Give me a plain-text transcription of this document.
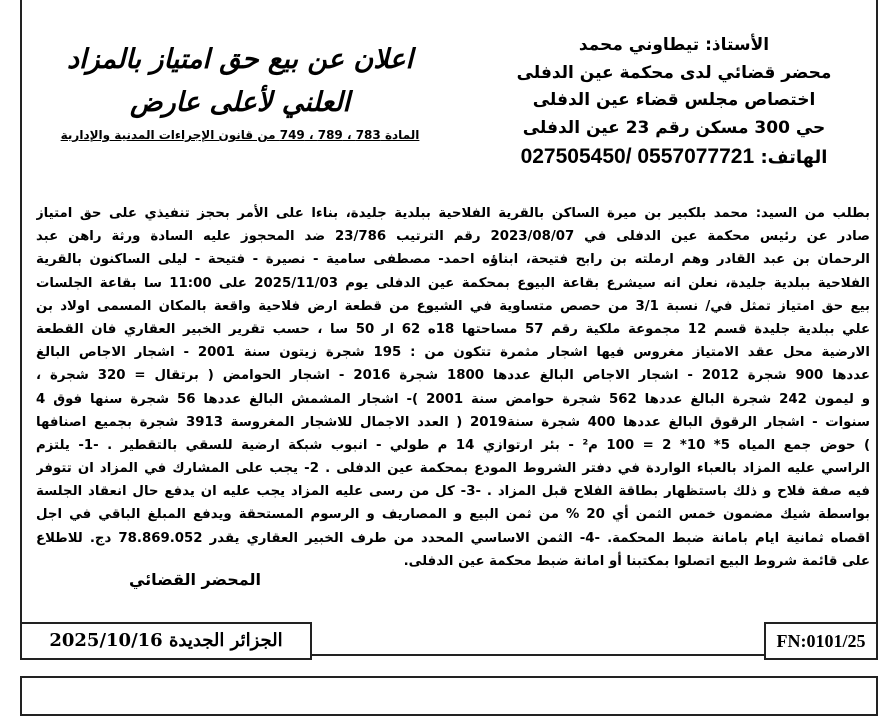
الأستاذ: تيطاوني محمد
محضر قضائي لدى محكمة عين الدفلى
اختصاص مجلس قضاء عين الدفلى
حي 300 مسكن رقم 23 عين الدفلى
الهاتف: 027505450/ 0557077721
اعلان عن بيع حق امتياز بالمزاد
العلني لأعلى عارض
المادة 783 ، 789 ، 749 من قانون الإجراءات المدنية والإدارية
بطلب من السيد: محمد بلكبير بن ميرة الساكن بالقرية الفلاحية ببلدية جليدة، بناءا على الأمر بحجز تنفيذي على حق امتياز
صادر عن رئيس محكمة عين الدفلى في 2023/08/07 رقم الترتيب 23/786 ضد المحجوز عليه السادة ورثة راهن عبد
الرحمان بن عبد القادر وهم ارملته بن رابح فتيحة، ابناؤه احمد- مصطفى سامية - نصيرة - فتيحة - ليلى الساكنون بالقرية
الفلاحية ببلدية جليدة، نعلن انه سيشرع بقاعة البيوع بمحكمة عين الدفلى يوم 2025/11/03 على 11:00 سا بقاعة الجلسات
بيع حق امتياز تمثل في/ نسبة 3/1 من حصص متساوية في الشيوع من قطعة ارض فلاحية واقعة بالمكان المسمى اولاد بن
علي ببلدية جليدة قسم 12 مجموعة ملكية رقم 57 مساحتها 18ه 62 ار 50 سا ، حسب تقرير الخبير العقاري فان القطعة
الارضية محل عقد الامتياز مغروس فيها اشجار مثمرة تتكون من : 195 شجرة زيتون سنة 2001 - اشجار الاجاص البالغ
عددها 900 شجرة 2012 - اشجار الاجاص البالغ عددها 1800 شجرة 2016 - اشجار الحوامض ( برتقال = 320 شجرة ،
و ليمون 242 شجرة البالغ عددها 562 شجرة حوامض سنة 2001 )- اشجار المشمش البالغ عددها 56 شجرة سنها فوق 4
سنوات - اشجار الرقوق البالغ عددها 400 شجرة سنة2019 ( العدد الاجمال للاشجار المغروسة 3913 شجرة بجميع اصنافها
) حوض جمع المياه 5* 10* 2 = 100 م² - بئر ارتوازي 14 م طولي - انبوب شبكة ارضية للسقي بالتقطير . -1- يلتزم
الراسي عليه المزاد بالعباء الواردة في دفتر الشروط المودع بمحكمة عين الدفلى . 2- يجب على المشارك في المزاد ان تتوفر
فيه صفة فلاح و ذلك باستظهار بطاقة الفلاح قبل المزاد . -3- كل من رسى عليه المزاد يجب عليه ان يدفع حال انعقاد الجلسة
بواسطة شيك مضمون خمس الثمن أي 20 % من ثمن البيع و المصاريف و الرسوم المستحقة ويدفع المبلغ الباقي في اجل
اقصاه ثمانية ايام بامانة ضبط المحكمة. -4- الثمن الاساسي المحدد من طرف الخبير العقاري يقدر 78.869.052 دج. للاطلاع
على قائمة شروط البيع اتصلوا بمكتبنا أو امانة ضبط محكمة عين الدفلى.
المحضر القضائي
الجزائر الجديدة 2025/10/16	FN:0101/25
